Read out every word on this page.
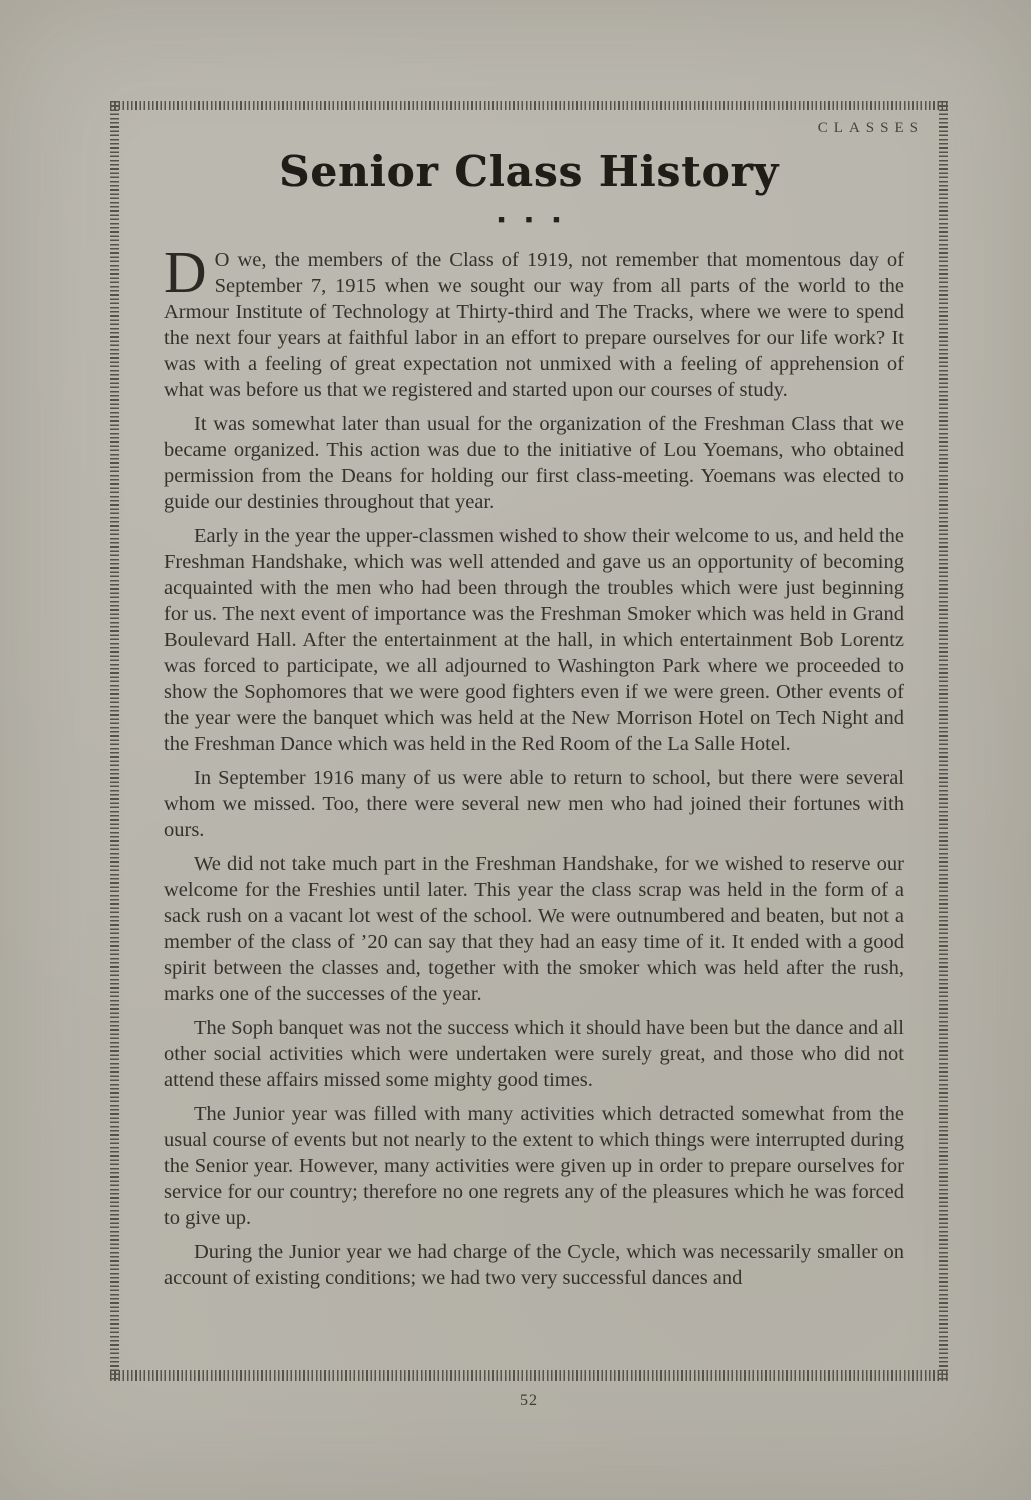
CLASSES
Senior Class History
■ ■ ■

D O we, the members of the Class of 1919, not remember that momentous day of September 7, 1915 when we sought our way from all parts of the world to the Armour Institute of Technology at Thirty-third and The Tracks, where we were to spend the next four years at faithful labor in an effort to prepare ourselves for our life work? It was with a feeling of great expectation not unmixed with a feeling of apprehension of what was before us that we registered and started upon our courses of study.

It was somewhat later than usual for the organization of the Freshman Class that we became organized. This action was due to the initiative of Lou Yoemans, who obtained permission from the Deans for holding our first class-meeting. Yoemans was elected to guide our destinies throughout that year.

Early in the year the upper-classmen wished to show their welcome to us, and held the Freshman Handshake, which was well attended and gave us an opportunity of becoming acquainted with the men who had been through the troubles which were just beginning for us. The next event of importance was the Freshman Smoker which was held in Grand Boulevard Hall. After the entertainment at the hall, in which entertainment Bob Lorentz was forced to participate, we all adjourned to Washington Park where we proceeded to show the Sophomores that we were good fighters even if we were green. Other events of the year were the banquet which was held at the New Morrison Hotel on Tech Night and the Freshman Dance which was held in the Red Room of the La Salle Hotel.

In September 1916 many of us were able to return to school, but there were several whom we missed. Too, there were several new men who had joined their fortunes with ours.

We did not take much part in the Freshman Handshake, for we wished to reserve our welcome for the Freshies until later. This year the class scrap was held in the form of a sack rush on a vacant lot west of the school. We were outnumbered and beaten, but not a member of the class of ’20 can say that they had an easy time of it. It ended with a good spirit between the classes and, together with the smoker which was held after the rush, marks one of the successes of the year.

The Soph banquet was not the success which it should have been but the dance and all other social activities which were undertaken were surely great, and those who did not attend these affairs missed some mighty good times.

The Junior year was filled with many activities which detracted somewhat from the usual course of events but not nearly to the extent to which things were interrupted during the Senior year. However, many activities were given up in order to prepare ourselves for service for our country; therefore no one regrets any of the pleasures which he was forced to give up.

During the Junior year we had charge of the Cycle, which was necessarily smaller on account of existing conditions; we had two very successful dances and

52
